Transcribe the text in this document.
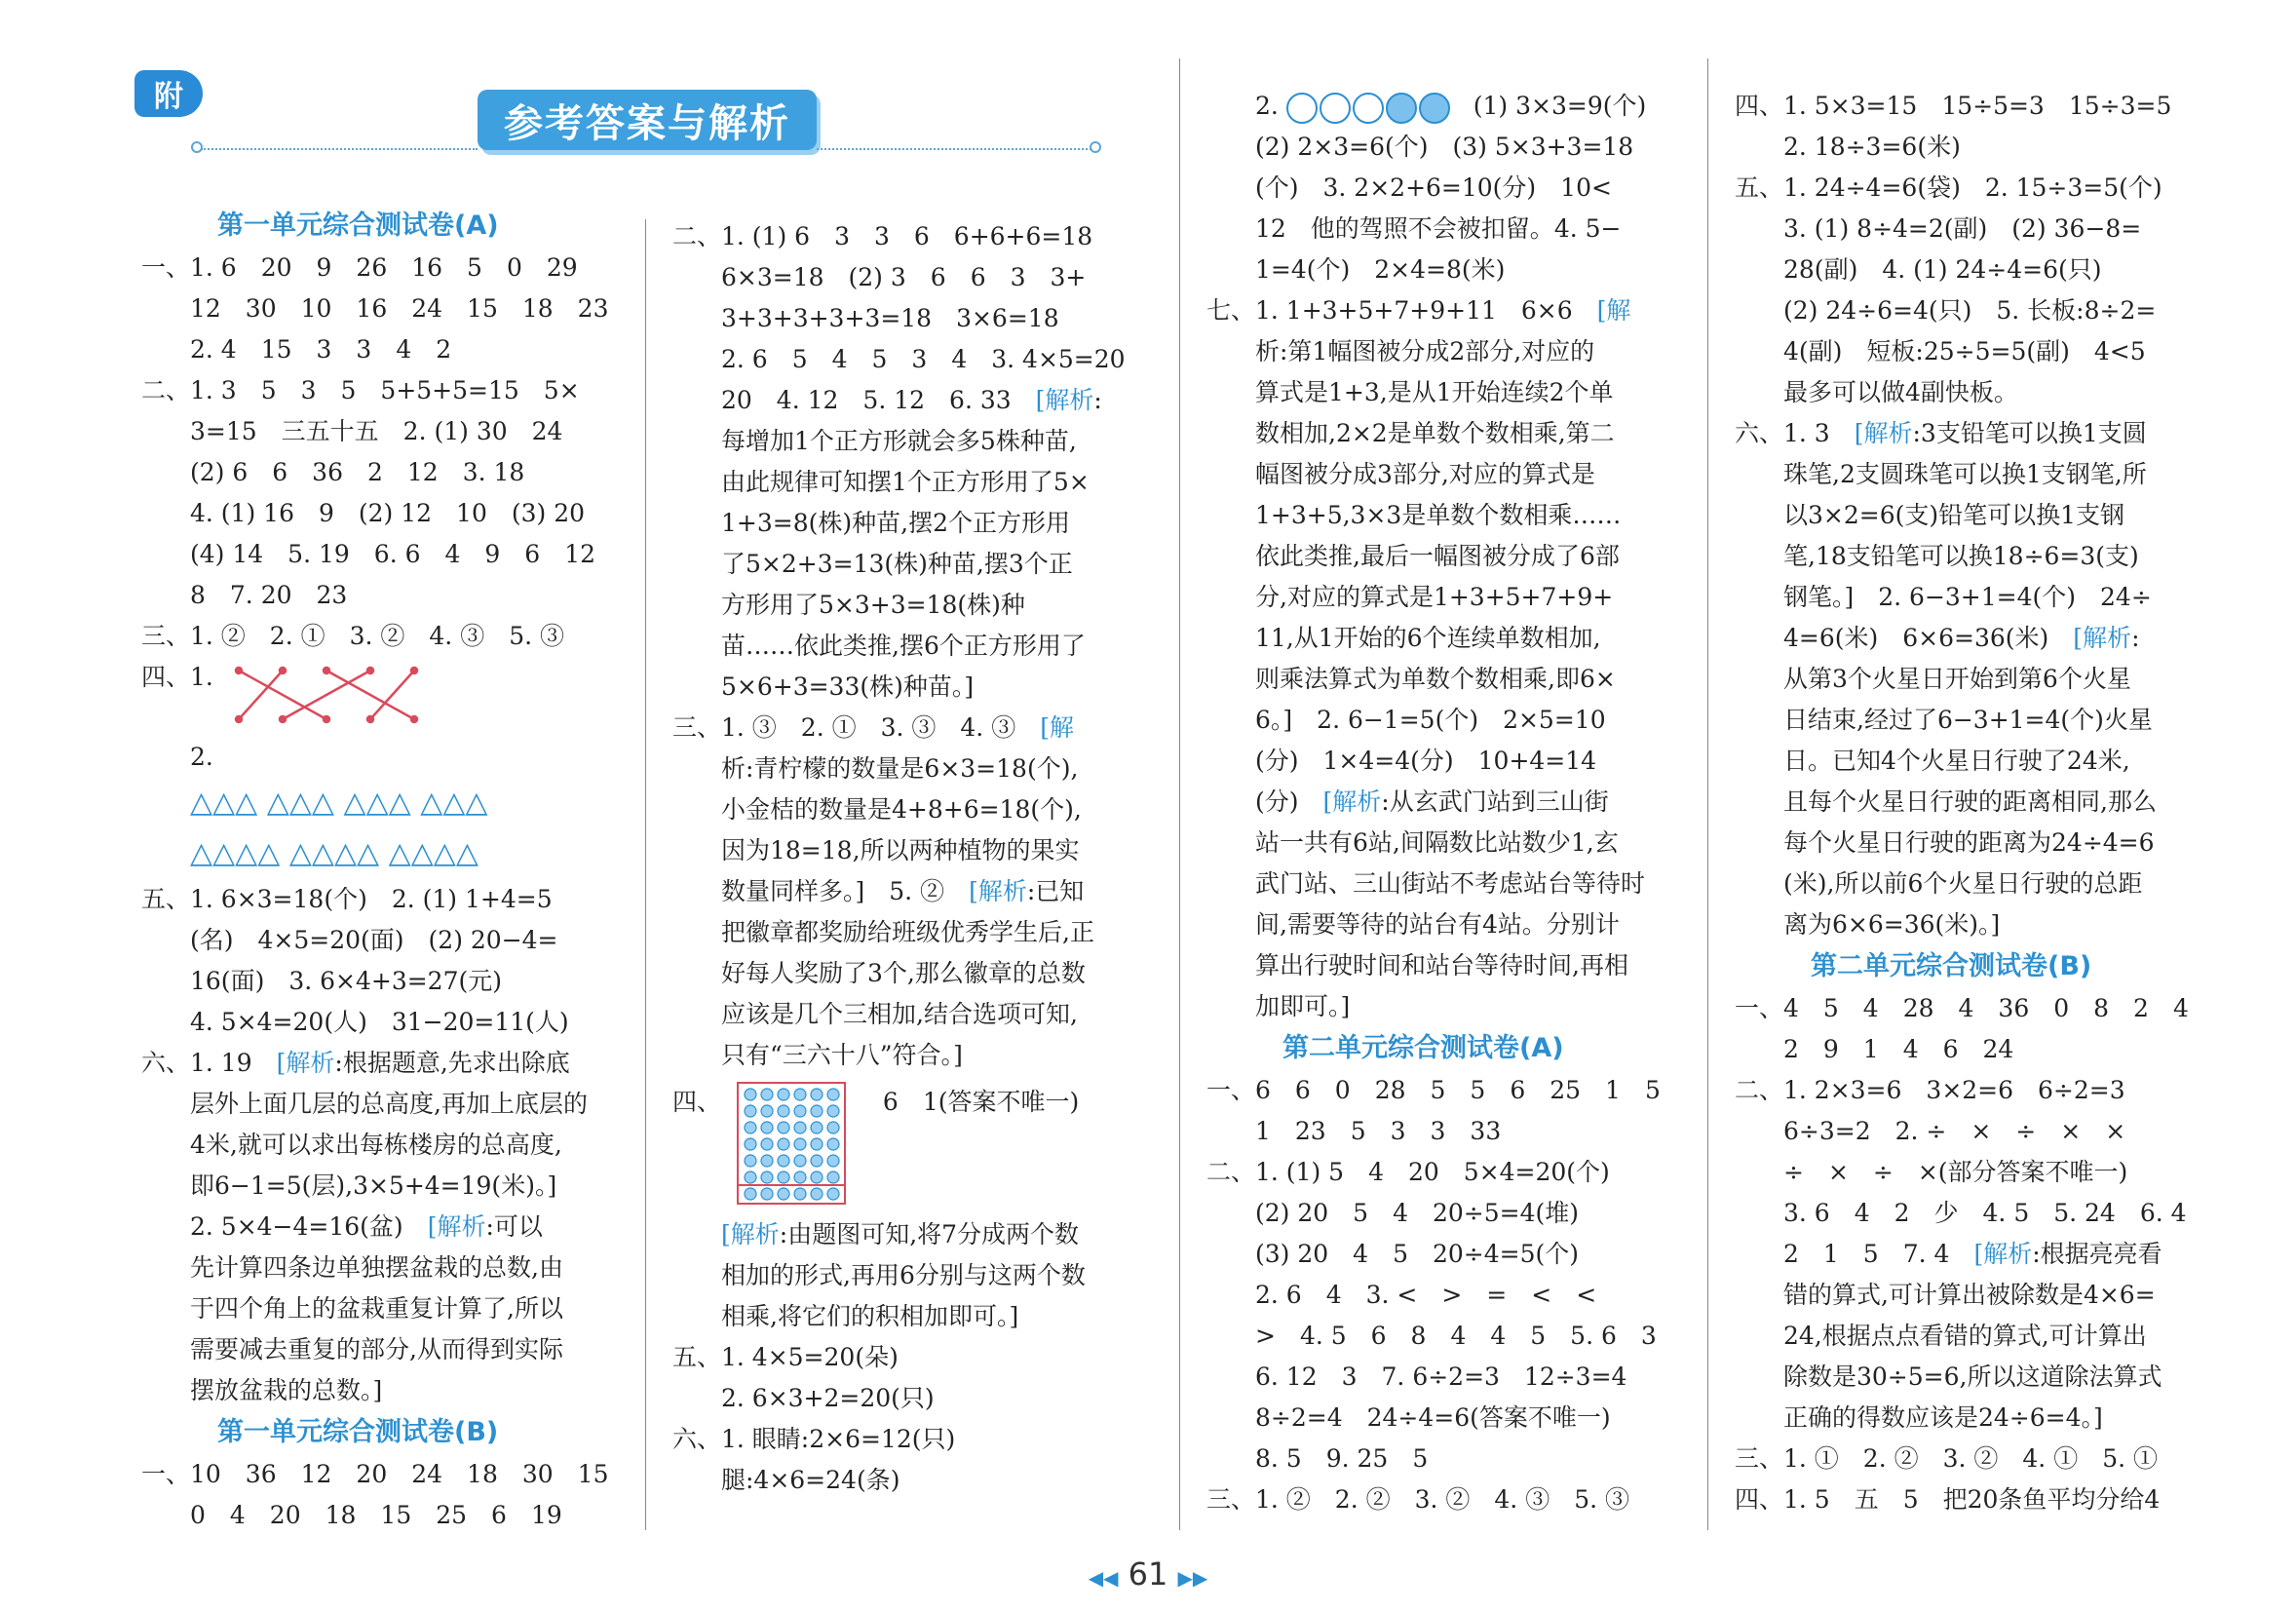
附
参考答案与解析
第一单元综合测试卷(A)
一、1. 6　20　9　26　16　5　0　29
　　12　30　10　16　24　15　18　23
　　2. 4　15　3　3　4　2
二、1. 3　5　3　5　5+5+5=15　5×
　　3=15　三五十五　2. (1) 30　24
　　(2) 6　6　36　2　12　3. 18
　　4. (1) 16　9　(2) 12　10　(3) 20
　　(4) 14　5. 19　6. 6　4　9　6　12
　　8　7. 20　23
三、1. ②　2. ①　3. ②　4. ③　5. ③
四、1.
　　2.
△△△ △△△ △△△ △△△
△△△△ △△△△ △△△△
五、1. 6×3=18(个)　2. (1) 1+4=5
　　(名)　4×5=20(面)　(2) 20−4=
　　16(面)　3. 6×4+3=27(元)
　　4. 5×4=20(人)　31−20=11(人)
六、1. 19　[解析:根据题意,先求出除底
　　层外上面几层的总高度,再加上底层的
　　4米,就可以求出每栋楼房的总高度,
　　即6−1=5(层),3×5+4=19(米)。]
　　2. 5×4−4=16(盆)　[解析:可以
　　先计算四条边单独摆盆栽的总数,由
　　于四个角上的盆栽重复计算了,所以
　　需要减去重复的部分,从而得到实际
　　摆放盆栽的总数。]
第一单元综合测试卷(B)
一、10　36　12　20　24　18　30　15
　　0　4　20　18　15　25　6　19
二、1. (1) 6　3　3　6　6+6+6=18
　　6×3=18　(2) 3　6　6　3　3+
　　3+3+3+3+3=18　3×6=18
　　2. 6　5　4　5　3　4　3. 4×5=20
　　20　4. 12　5. 12　6. 33　[解析:
　　每增加1个正方形就会多5株种苗,
　　由此规律可知摆1个正方形用了5×
　　1+3=8(株)种苗,摆2个正方形用
　　了5×2+3=13(株)种苗,摆3个正
　　方形用了5×3+3=18(株)种
　　苗……依此类推,摆6个正方形用了
　　5×6+3=33(株)种苗。]
三、1. ③　2. ①　3. ③　4. ③　[解
　　析:青柠檬的数量是6×3=18(个),
　　小金桔的数量是4+8+6=18(个),
　　因为18=18,所以两种植物的果实
　　数量同样多。]　5. ②　[解析:已知
　　把徽章都奖励给班级优秀学生后,正
　　好每人奖励了3个,那么徽章的总数
　　应该是几个三相加,结合选项可知,
　　只有“三六十八”符合。]
四、	6　1(答案不唯一)
　　[解析:由题图可知,将7分成两个数
　　相加的形式,再用6分别与这两个数
　　相乘,将它们的积相加即可。]
五、1. 4×5=20(朵)
　　2. 6×3+2=20(只)
六、1. 眼睛:2×6=12(只)
　　腿:4×6=24(条)
2.	(1) 3×3=9(个)
(2) 2×3=6(个)　(3) 5×3+3=18
(个)　3. 2×2+6=10(分)　10<
12　他的驾照不会被扣留。4. 5−
1=4(个)　2×4=8(米)
七、1. 1+3+5+7+9+11　6×6　[解
　　析:第1幅图被分成2部分,对应的
　　算式是1+3,是从1开始连续2个单
　　数相加,2×2是单数个数相乘,第二
　　幅图被分成3部分,对应的算式是
　　1+3+5,3×3是单数个数相乘……
　　依此类推,最后一幅图被分成了6部
　　分,对应的算式是1+3+5+7+9+
　　11,从1开始的6个连续单数相加,
　　则乘法算式为单数个数相乘,即6×
　　6。]　2. 6−1=5(个)　2×5=10
　　(分)　1×4=4(分)　10+4=14
　　(分)　[解析:从玄武门站到三山街
　　站一共有6站,间隔数比站数少1,玄
　　武门站、三山街站不考虑站台等待时
　　间,需要等待的站台有4站。分别计
　　算出行驶时间和站台等待时间,再相
　　加即可。]
第二单元综合测试卷(A)
一、6　6　0　28　5　5　6　25　1　5
　　1　23　5　3　3　33
二、1. (1) 5　4　20　5×4=20(个)
　　(2) 20　5　4　20÷5=4(堆)
　　(3) 20　4　5　20÷4=5(个)
　　2. 6　4　3. <　>　=　<　<
　　>　4. 5　6　8　4　4　5　5. 6　3
　　6. 12　3　7. 6÷2=3　12÷3=4
　　8÷2=4　24÷4=6(答案不唯一)
　　8. 5　9. 25　5
三、1. ②　2. ②　3. ②　4. ③　5. ③
四、1. 5×3=15　15÷5=3　15÷3=5
　　2. 18÷3=6(米)
五、1. 24÷4=6(袋)　2. 15÷3=5(个)
　　3. (1) 8÷4=2(副)　(2) 36−8=
　　28(副)　4. (1) 24÷4=6(只)
　　(2) 24÷6=4(只)　5. 长板:8÷2=
　　4(副)　短板:25÷5=5(副)　4<5
　　最多可以做4副快板。
六、1. 3　[解析:3支铅笔可以换1支圆
　　珠笔,2支圆珠笔可以换1支钢笔,所
　　以3×2=6(支)铅笔可以换1支钢
　　笔,18支铅笔可以换18÷6=3(支)
　　钢笔。]　2. 6−3+1=4(个)　24÷
　　4=6(米)　6×6=36(米)　[解析:
　　从第3个火星日开始到第6个火星
　　日结束,经过了6−3+1=4(个)火星
　　日。已知4个火星日行驶了24米,
　　且每个火星日行驶的距离相同,那么
　　每个火星日行驶的距离为24÷4=6
　　(米),所以前6个火星日行驶的总距
　　离为6×6=36(米)。]
第二单元综合测试卷(B)
一、4　5　4　28　4　36　0　8　2　4
　　2　9　1　4　6　24
二、1. 2×3=6　3×2=6　6÷2=3
　　6÷3=2　2. ÷　×　÷　×　×
　　÷　×　÷　×(部分答案不唯一)
　　3. 6　4　2　少　4. 5　5. 24　6. 4
　　2　1　5　7. 4　[解析:根据亮亮看
　　错的算式,可计算出被除数是4×6=
　　24,根据点点看错的算式,可计算出
　　除数是30÷5=6,所以这道除法算式
　　正确的得数应该是24÷6=4。]
三、1. ①　2. ②　3. ②　4. ①　5. ①
四、1. 5　五　5　把20条鱼平均分给4
◀◀ 61 ▶▶
